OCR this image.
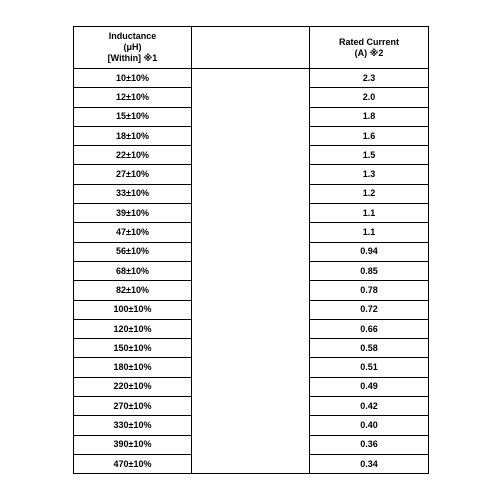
Inductance
(μH)
[Within] ※1		Rated Current
(A) ※2

10±10%		2.3
12±10%		2.0
15±10%		1.8
18±10%		1.6
22±10%		1.5
27±10%		1.3
33±10%		1.2
39±10%		1.1
47±10%		1.1
56±10%		0.94
68±10%		0.85
82±10%		0.78
100±10%		0.72
120±10%		0.66
150±10%		0.58
180±10%		0.51
220±10%		0.49
270±10%		0.42
330±10%		0.40
390±10%		0.36
470±10%		0.34
